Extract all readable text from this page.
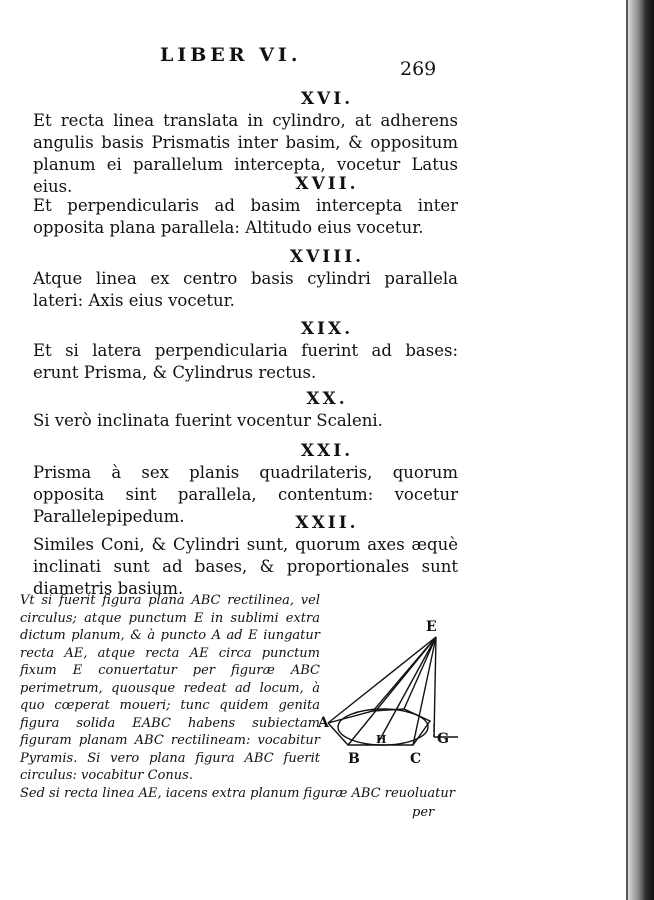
LIBER VI.
269
XVI.
Et recta linea translata in cylindro, at adherens angulis basis Prismatis inter basim, & oppositum planum ei parallelum intercepta, vocetur Latus eius.	XVII.
Et perpendicularis ad basim intercepta inter opposita plana parallela: Altitudo eius vocetur.
XVIII.
Atque linea ex centro basis cylindri parallela lateri: Axis eius vocetur.
XIX.
Et si latera perpendicularia fuerint ad bases: erunt Prisma, & Cylindrus rectus.
XX.
Si verò inclinata fuerint vocentur Scaleni.
XXI.
Prisma à sex planis quadrilateris, quorum opposita sint parallela, contentum: vocetur Parallelepipedum.	XXII.
Similes Coni, & Cylindri sunt, quorum axes æquè inclinati sunt ad bases, & proportionales sunt diametris basium.
Vt si fuerit figura plana ABC rectilinea, vel circulus; atque punctum E in sublimi extra dictum planum, & à puncto A ad E iungatur recta AE, atque recta AE circa punctum fixum E conuertatur per figuræ ABC perimetrum, quousque redeat ad locum, à quo cœperat moueri; tunc quidem genita figura solida EABC habens subiectam figuram planam ABC rectilineam: vocabitur Pyramis. Si vero plana figura ABC fuerit circulus: vocabitur Conus.
E
A
B	C
G
H
Sed si recta linea AE, iacens extra planum figuræ ABC reuoluatur
per
